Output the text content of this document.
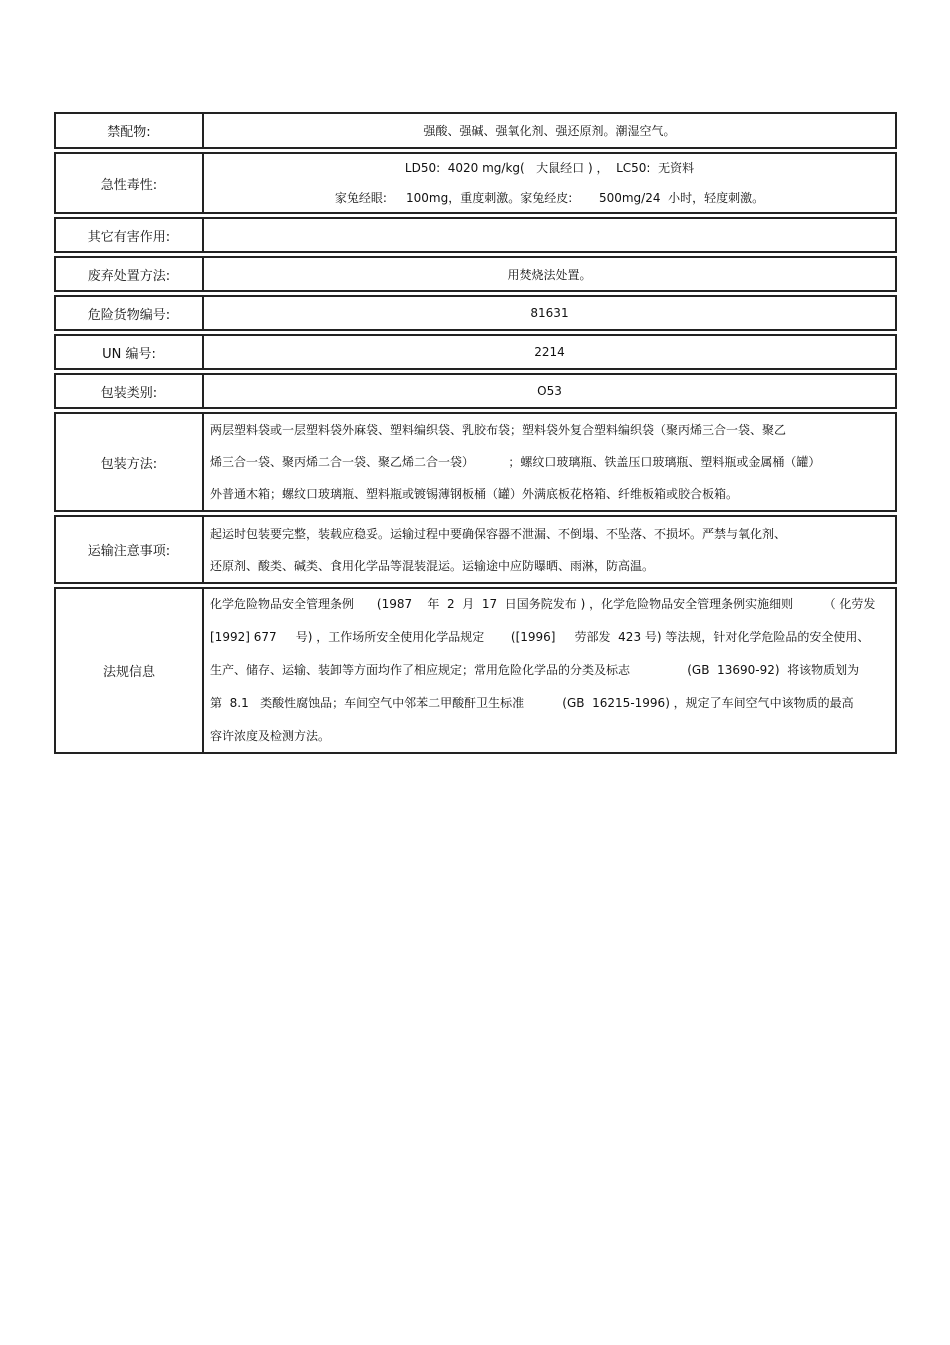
禁配物:	强酸、强碱、强氧化剂、强还原剂。潮湿空气。
急性毒性:
LD50:  4020 mg/kg(   大鼠经口 ) ，  LC50:  无资料
家兔经眼:     100mg，重度刺激。家兔经皮:       500mg/24  小时，轻度刺激。
其它有害作用:
废弃处置方法:	用焚烧法处置。
危险货物编号:	81631
UN 编号:	2214
包装类别:	O53
包装方法:
两层塑料袋或一层塑料袋外麻袋、塑料编织袋、乳胶布袋；塑料袋外复合塑料编织袋（聚丙烯三合一袋、聚乙
烯三合一袋、聚丙烯二合一袋、聚乙烯二合一袋）         ；螺纹口玻璃瓶、铁盖压口玻璃瓶、塑料瓶或金属桶（罐）
外普通木箱；螺纹口玻璃瓶、塑料瓶或镀锡薄钢板桶（罐）外满底板花格箱、纤维板箱或胶合板箱。
运输注意事项:
起运时包装要完整，装载应稳妥。运输过程中要确保容器不泄漏、不倒塌、不坠落、不损坏。严禁与氧化剂、
还原剂、酸类、碱类、食用化学品等混装混运。运输途中应防曝晒、雨淋，防高温。
法规信息
化学危险物品安全管理条例      (1987    年  2  月  17  日国务院发布 ) ，化学危险物品安全管理条例实施细则        （ 化劳发
[1992] 677     号) ，工作场所安全使用化学品规定       ([1996]     劳部发  423 号) 等法规，针对化学危险品的安全使用、
生产、储存、运输、装卸等方面均作了相应规定；常用危险化学品的分类及标志               (GB  13690-92)  将该物质划为
第  8.1   类酸性腐蚀品；车间空气中邻苯二甲酸酐卫生标准          (GB  16215-1996) ，规定了车间空气中该物质的最高
容许浓度及检测方法。
